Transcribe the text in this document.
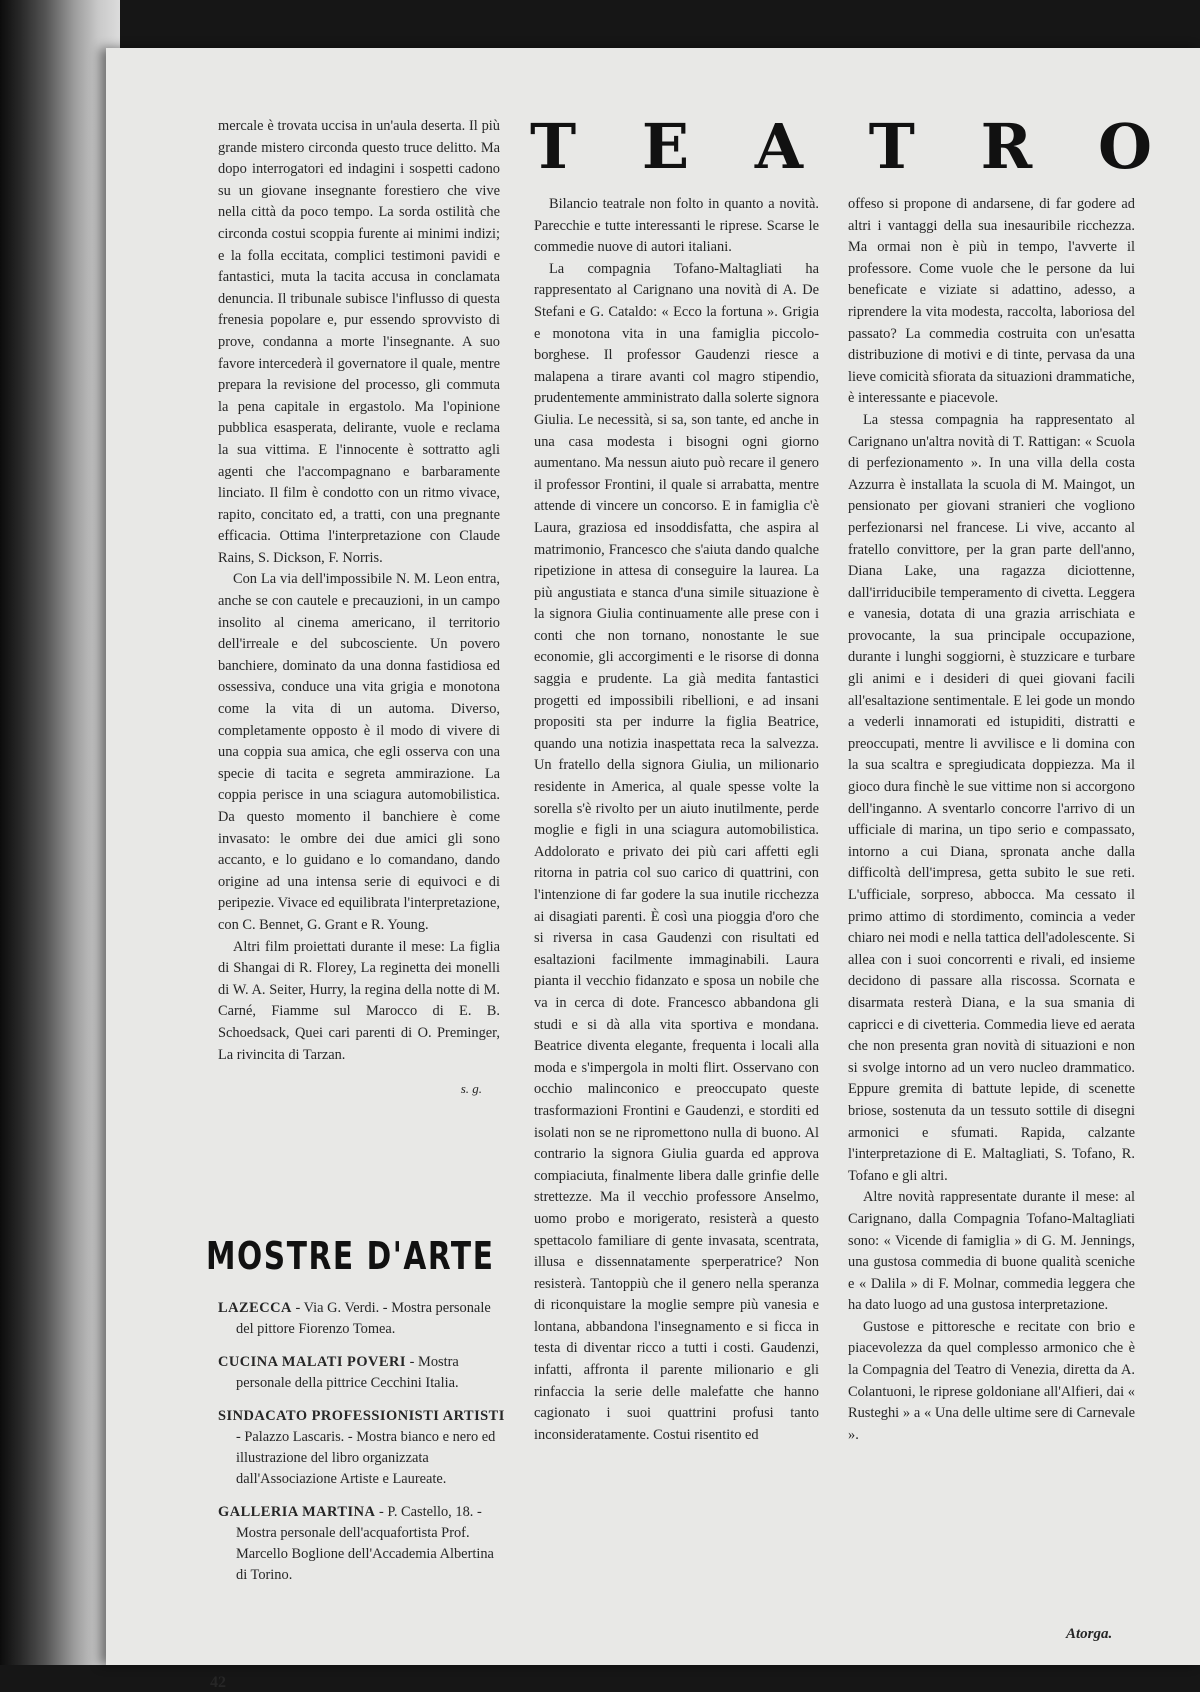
mercale è trovata uccisa in un'aula deserta. Il più grande mistero circonda questo truce delitto. Ma dopo interrogatori ed indagini i sospetti cadono su un giovane insegnante forestiero che vive nella città da poco tempo. La sorda ostilità che circonda costui scoppia furente ai minimi indizi; e la folla eccitata, complici testimoni pavidi e fantastici, muta la tacita accusa in conclamata denuncia. Il tribunale subisce l'influsso di questa frenesia popolare e, pur essendo sprovvisto di prove, condanna a morte l'insegnante. A suo favore intercederà il governatore il quale, mentre prepara la revisione del processo, gli commuta la pena capitale in ergastolo. Ma l'opinione pubblica esasperata, delirante, vuole e reclama la sua vittima. E l'innocente è sottratto agli agenti che l'accompagnano e barbaramente linciato. Il film è condotto con un ritmo vivace, rapito, concitato ed, a tratti, con una pregnante efficacia. Ottima l'interpretazione con Claude Rains, S. Dickson, F. Norris.

Con La via dell'impossibile N. M. Leon entra, anche se con cautele e precauzioni, in un campo insolito al cinema americano, il territorio dell'irreale e del subcosciente. Un povero banchiere, dominato da una donna fastidiosa ed ossessiva, conduce una vita grigia e monotona come la vita di un automa. Diverso, completamente opposto è il modo di vivere di una coppia sua amica, che egli osserva con una specie di tacita e segreta ammirazione. La coppia perisce in una sciagura automobilistica. Da questo momento il banchiere è come invasato: le ombre dei due amici gli sono accanto, e lo guidano e lo comandano, dando origine ad una intensa serie di equivoci e di peripezie. Vivace ed equilibrata l'interpretazione, con C. Bennet, G. Grant e R. Young.

Altri film proiettati durante il mese: La figlia di Shangai di R. Florey, La reginetta dei monelli di W. A. Seiter, Hurry, la regina della notte di M. Carné, Fiamme sul Marocco di E. B. Schoedsack, Quei cari parenti di O. Preminger, La rivincita di Tarzan.

s. g.
T E A T R O

Bilancio teatrale non folto in quanto a novità. Parecchie e tutte interessanti le riprese. Scarse le commedie nuove di autori italiani.

La compagnia Tofano-Maltagliati ha rappresentato al Carignano una novità di A. De Stefani e G. Cataldo: « Ecco la fortuna ». Grigia e monotona vita in una famiglia piccolo-borghese. Il professor Gaudenzi riesce a malapena a tirare avanti col magro stipendio, prudentemente amministrato dalla solerte signora Giulia. Le necessità, si sa, son tante, ed anche in una casa modesta i bisogni ogni giorno aumentano. Ma nessun aiuto può recare il genero il professor Frontini, il quale si arrabatta, mentre attende di vincere un concorso. E in famiglia c'è Laura, graziosa ed insoddisfatta, che aspira al matrimonio, Francesco che s'aiuta dando qualche ripetizione in attesa di conseguire la laurea. La più angustiata e stanca d'una simile situazione è la signora Giulia continuamente alle prese con i conti che non tornano, nonostante le sue economie, gli accorgimenti e le risorse di donna saggia e prudente. La già medita fantastici progetti ed impossibili ribellioni, e ad insani propositi sta per indurre la figlia Beatrice, quando una notizia inaspettata reca la salvezza. Un fratello della signora Giulia, un milionario residente in America, al quale spesse volte la sorella s'è rivolto per un aiuto inutilmente, perde moglie e figli in una sciagura automobilistica. Addolorato e privato dei più cari affetti egli ritorna in patria col suo carico di quattrini, con l'intenzione di far godere la sua inutile ricchezza ai disagiati parenti. È così una pioggia d'oro che si riversa in casa Gaudenzi con risultati ed esaltazioni facilmente immaginabili. Laura pianta il vecchio fidanzato e sposa un nobile che va in cerca di dote. Francesco abbandona gli studi e si dà alla vita sportiva e mondana. Beatrice diventa elegante, frequenta i locali alla moda e s'impergola in molti flirt. Osservano con occhio malinconico e preoccupato queste trasformazioni Frontini e Gaudenzi, e storditi ed isolati non se ne ripromettono nulla di buono. Al contrario la signora Giulia guarda ed approva compiaciuta, finalmente libera dalle grinfie delle strettezze. Ma il vecchio professore Anselmo, uomo probo e morigerato, resisterà a questo spettacolo familiare di gente invasata, scentrata, illusa e dissennatamente sperperatrice? Non resisterà. Tantoppiù che il genero nella speranza di riconquistare la moglie sempre più vanesia e lontana, abbandona l'insegnamento e si ficca in testa di diventar ricco a tutti i costi. Gaudenzi, infatti, affronta il parente milionario e gli rinfaccia la serie delle malefatte che hanno cagionato i suoi quattrini profusi tanto inconsideratamente. Costui risentito ed

offeso si propone di andarsene, di far godere ad altri i vantaggi della sua inesauribile ricchezza. Ma ormai non è più in tempo, l'avverte il professore. Come vuole che le persone da lui beneficate e viziate si adattino, adesso, a riprendere la vita modesta, raccolta, laboriosa del passato? La commedia costruita con un'esatta distribuzione di motivi e di tinte, pervasa da una lieve comicità sfiorata da situazioni drammatiche, è interessante e piacevole.

La stessa compagnia ha rappresentato al Carignano un'altra novità di T. Rattigan: « Scuola di perfezionamento ». In una villa della costa Azzurra è installata la scuola di M. Maingot, un pensionato per giovani stranieri che vogliono perfezionarsi nel francese. Li vive, accanto al fratello convittore, per la gran parte dell'anno, Diana Lake, una ragazza diciottenne, dall'irriducibile temperamento di civetta. Leggera e vanesia, dotata di una grazia arrischiata e provocante, la sua principale occupazione, durante i lunghi soggiorni, è stuzzicare e turbare gli animi e i desideri di quei giovani facili all'esaltazione sentimentale. E lei gode un mondo a vederli innamorati ed istupiditi, distratti e preoccupati, mentre li avvilisce e li domina con la sua scaltra e spregiudicata doppiezza. Ma il gioco dura finchè le sue vittime non si accorgono dell'inganno. A sventarlo concorre l'arrivo di un ufficiale di marina, un tipo serio e compassato, intorno a cui Diana, spronata anche dalla difficoltà dell'impresa, getta subito le sue reti. L'ufficiale, sorpreso, abbocca. Ma cessato il primo attimo di stordimento, comincia a veder chiaro nei modi e nella tattica dell'adolescente. Si allea con i suoi concorrenti e rivali, ed insieme decidono di passare alla riscossa. Scornata e disarmata resterà Diana, e la sua smania di capricci e di civetteria. Commedia lieve ed aerata che non presenta gran novità di situazioni e non si svolge intorno ad un vero nucleo drammatico. Eppure gremita di battute lepide, di scenette briose, sostenuta da un tessuto sottile di disegni armonici e sfumati. Rapida, calzante l'interpretazione di E. Maltagliati, S. Tofano, R. Tofano e gli altri.

Altre novità rappresentate durante il mese: al Carignano, dalla Compagnia Tofano-Maltagliati sono: « Vicende di famiglia » di G. M. Jennings, una gustosa commedia di buone qualità sceniche e « Dalila » di F. Molnar, commedia leggera che ha dato luogo ad una gustosa interpretazione.

Gustose e pittoresche e recitate con brio e piacevolezza da quel complesso armonico che è la Compagnia del Teatro di Venezia, diretta da A. Colantuoni, le riprese goldoniane all'Alfieri, dai « Rusteghi » a « Una delle ultime sere di Carnevale ».

Atorga.
MOSTRE D'ARTE

LAZECCA - Via G. Verdi. - Mostra personale del pittore Fiorenzo Tomea.

CUCINA MALATI POVERI - Mostra personale della pittrice Cecchini Italia.

SINDACATO PROFESSIONISTI ARTISTI - Palazzo Lascaris. - Mostra bianco e nero ed illustrazione del libro organizzata dall'Associazione Artiste e Laureate.

GALLERIA MARTINA - P. Castello, 18. - Mostra personale dell'acquafortista Prof. Marcello Boglione dell'Accademia Albertina di Torino.

42
